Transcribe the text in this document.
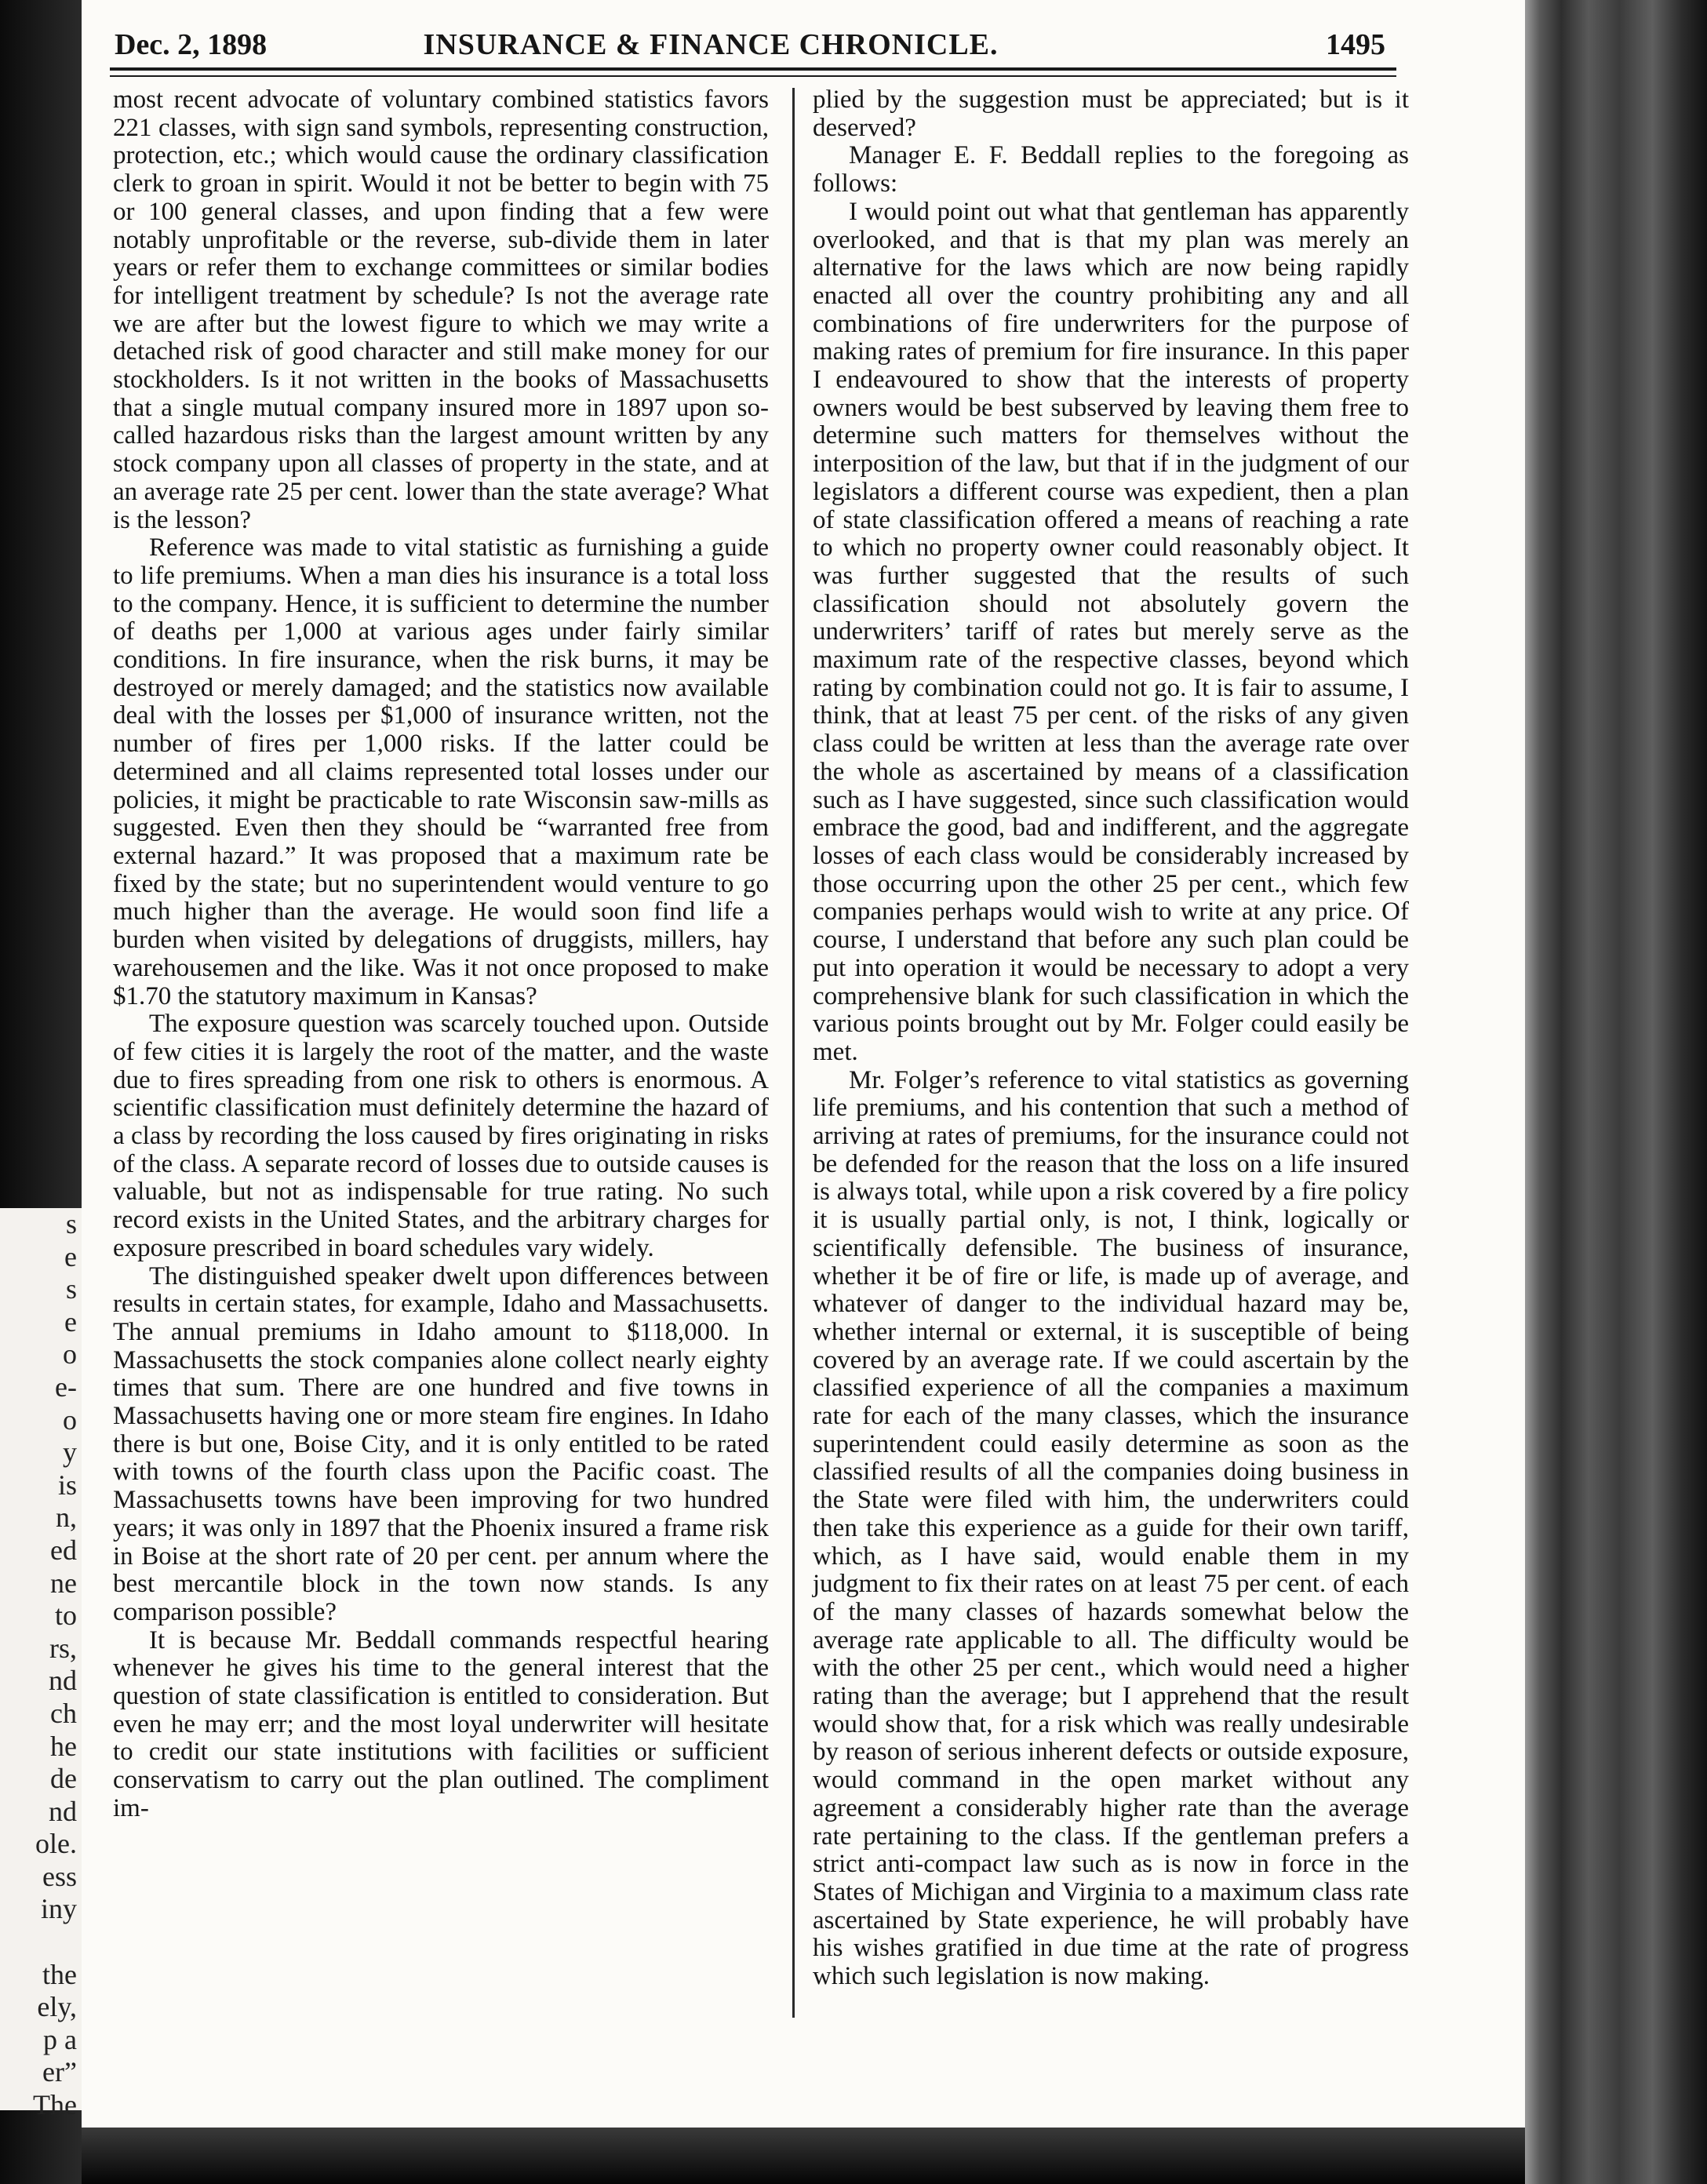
s
e
s
e
o
e-
o
y
is
n,
ed
ne
to
rs,
nd
ch
he
de
nd
ole.
ess
iny

the
ely,
p a
er”
The
Dec. 2, 1898	INSURANCE & FINANCE CHRONICLE.	1495

most recent advocate of voluntary combined statistics favors 221 classes, with sign sand symbols, representing construction, protection, etc.; which would cause the ordinary classification clerk to groan in spirit. Would it not be better to begin with 75 or 100 general classes, and upon finding that a few were notably unprofitable or the reverse, sub-divide them in later years or refer them to exchange committees or similar bodies for intelligent treatment by schedule? Is not the average rate we are after but the lowest figure to which we may write a detached risk of good character and still make money for our stockholders. Is it not written in the books of Massachusetts that a single mutual company insured more in 1897 upon so-called hazardous risks than the largest amount written by any stock company upon all classes of property in the state, and at an average rate 25 per cent. lower than the state average? What is the lesson?

Reference was made to vital statistic as furnishing a guide to life premiums. When a man dies his insurance is a total loss to the company. Hence, it is sufficient to determine the number of deaths per 1,000 at various ages under fairly similar conditions. In fire insurance, when the risk burns, it may be destroyed or merely damaged; and the statistics now available deal with the losses per $1,000 of insurance written, not the number of fires per 1,000 risks. If the latter could be determined and all claims represented total losses under our policies, it might be practicable to rate Wisconsin saw-mills as suggested. Even then they should be “warranted free from external hazard.” It was proposed that a maximum rate be fixed by the state; but no superintendent would venture to go much higher than the average. He would soon find life a burden when visited by delegations of druggists, millers, hay warehousemen and the like. Was it not once proposed to make $1.70 the statutory maximum in Kansas?

The exposure question was scarcely touched upon. Outside of few cities it is largely the root of the matter, and the waste due to fires spreading from one risk to others is enormous. A scientific classification must definitely determine the hazard of a class by recording the loss caused by fires originating in risks of the class. A separate record of losses due to outside causes is valuable, but not as indispensable for true rating. No such record exists in the United States, and the arbitrary charges for exposure prescribed in board schedules vary widely.

The distinguished speaker dwelt upon differences between results in certain states, for example, Idaho and Massachusetts. The annual premiums in Idaho amount to $118,000. In Massachusetts the stock companies alone collect nearly eighty times that sum. There are one hundred and five towns in Massachusetts having one or more steam fire engines. In Idaho there is but one, Boise City, and it is only entitled to be rated with towns of the fourth class upon the Pacific coast. The Massachusetts towns have been improving for two hundred years; it was only in 1897 that the Phoenix insured a frame risk in Boise at the short rate of 20 per cent. per annum where the best mercantile block in the town now stands. Is any comparison possible?

It is because Mr. Beddall commands respectful hearing whenever he gives his time to the general interest that the question of state classification is entitled to consideration. But even he may err; and the most loyal underwriter will hesitate to credit our state institutions with facilities or sufficient conservatism to carry out the plan outlined. The compliment im-

plied by the suggestion must be appreciated; but is it deserved?

Manager E. F. Beddall replies to the foregoing as follows:

I would point out what that gentleman has apparently overlooked, and that is that my plan was merely an alternative for the laws which are now being rapidly enacted all over the country prohibiting any and all combinations of fire underwriters for the purpose of making rates of premium for fire insurance. In this paper I endeavoured to show that the interests of property owners would be best subserved by leaving them free to determine such matters for themselves without the interposition of the law, but that if in the judgment of our legislators a different course was expedient, then a plan of state classification offered a means of reaching a rate to which no property owner could reasonably object. It was further suggested that the results of such classification should not absolutely govern the underwriters’ tariff of rates but merely serve as the maximum rate of the respective classes, beyond which rating by combination could not go. It is fair to assume, I think, that at least 75 per cent. of the risks of any given class could be written at less than the average rate over the whole as ascertained by means of a classification such as I have suggested, since such classification would embrace the good, bad and indifferent, and the aggregate losses of each class would be considerably increased by those occurring upon the other 25 per cent., which few companies perhaps would wish to write at any price. Of course, I understand that before any such plan could be put into operation it would be necessary to adopt a very comprehensive blank for such classification in which the various points brought out by Mr. Folger could easily be met.

Mr. Folger’s reference to vital statistics as governing life premiums, and his contention that such a method of arriving at rates of premiums, for the insurance could not be defended for the reason that the loss on a life insured is always total, while upon a risk covered by a fire policy it is usually partial only, is not, I think, logically or scientifically defensible. The business of insurance, whether it be of fire or life, is made up of average, and whatever of danger to the individual hazard may be, whether internal or external, it is susceptible of being covered by an average rate. If we could ascertain by the classified experience of all the companies a maximum rate for each of the many classes, which the insurance superintendent could easily determine as soon as the classified results of all the companies doing business in the State were filed with him, the underwriters could then take this experience as a guide for their own tariff, which, as I have said, would enable them in my judgment to fix their rates on at least 75 per cent. of each of the many classes of hazards somewhat below the average rate applicable to all. The difficulty would be with the other 25 per cent., which would need a higher rating than the average; but I apprehend that the result would show that, for a risk which was really undesirable by reason of serious inherent defects or outside exposure, would command in the open market without any agreement a considerably higher rate than the average rate pertaining to the class. If the gentleman prefers a strict anti-compact law such as is now in force in the States of Michigan and Virginia to a maximum class rate ascertained by State experience, he will probably have his wishes gratified in due time at the rate of progress which such legislation is now making.
